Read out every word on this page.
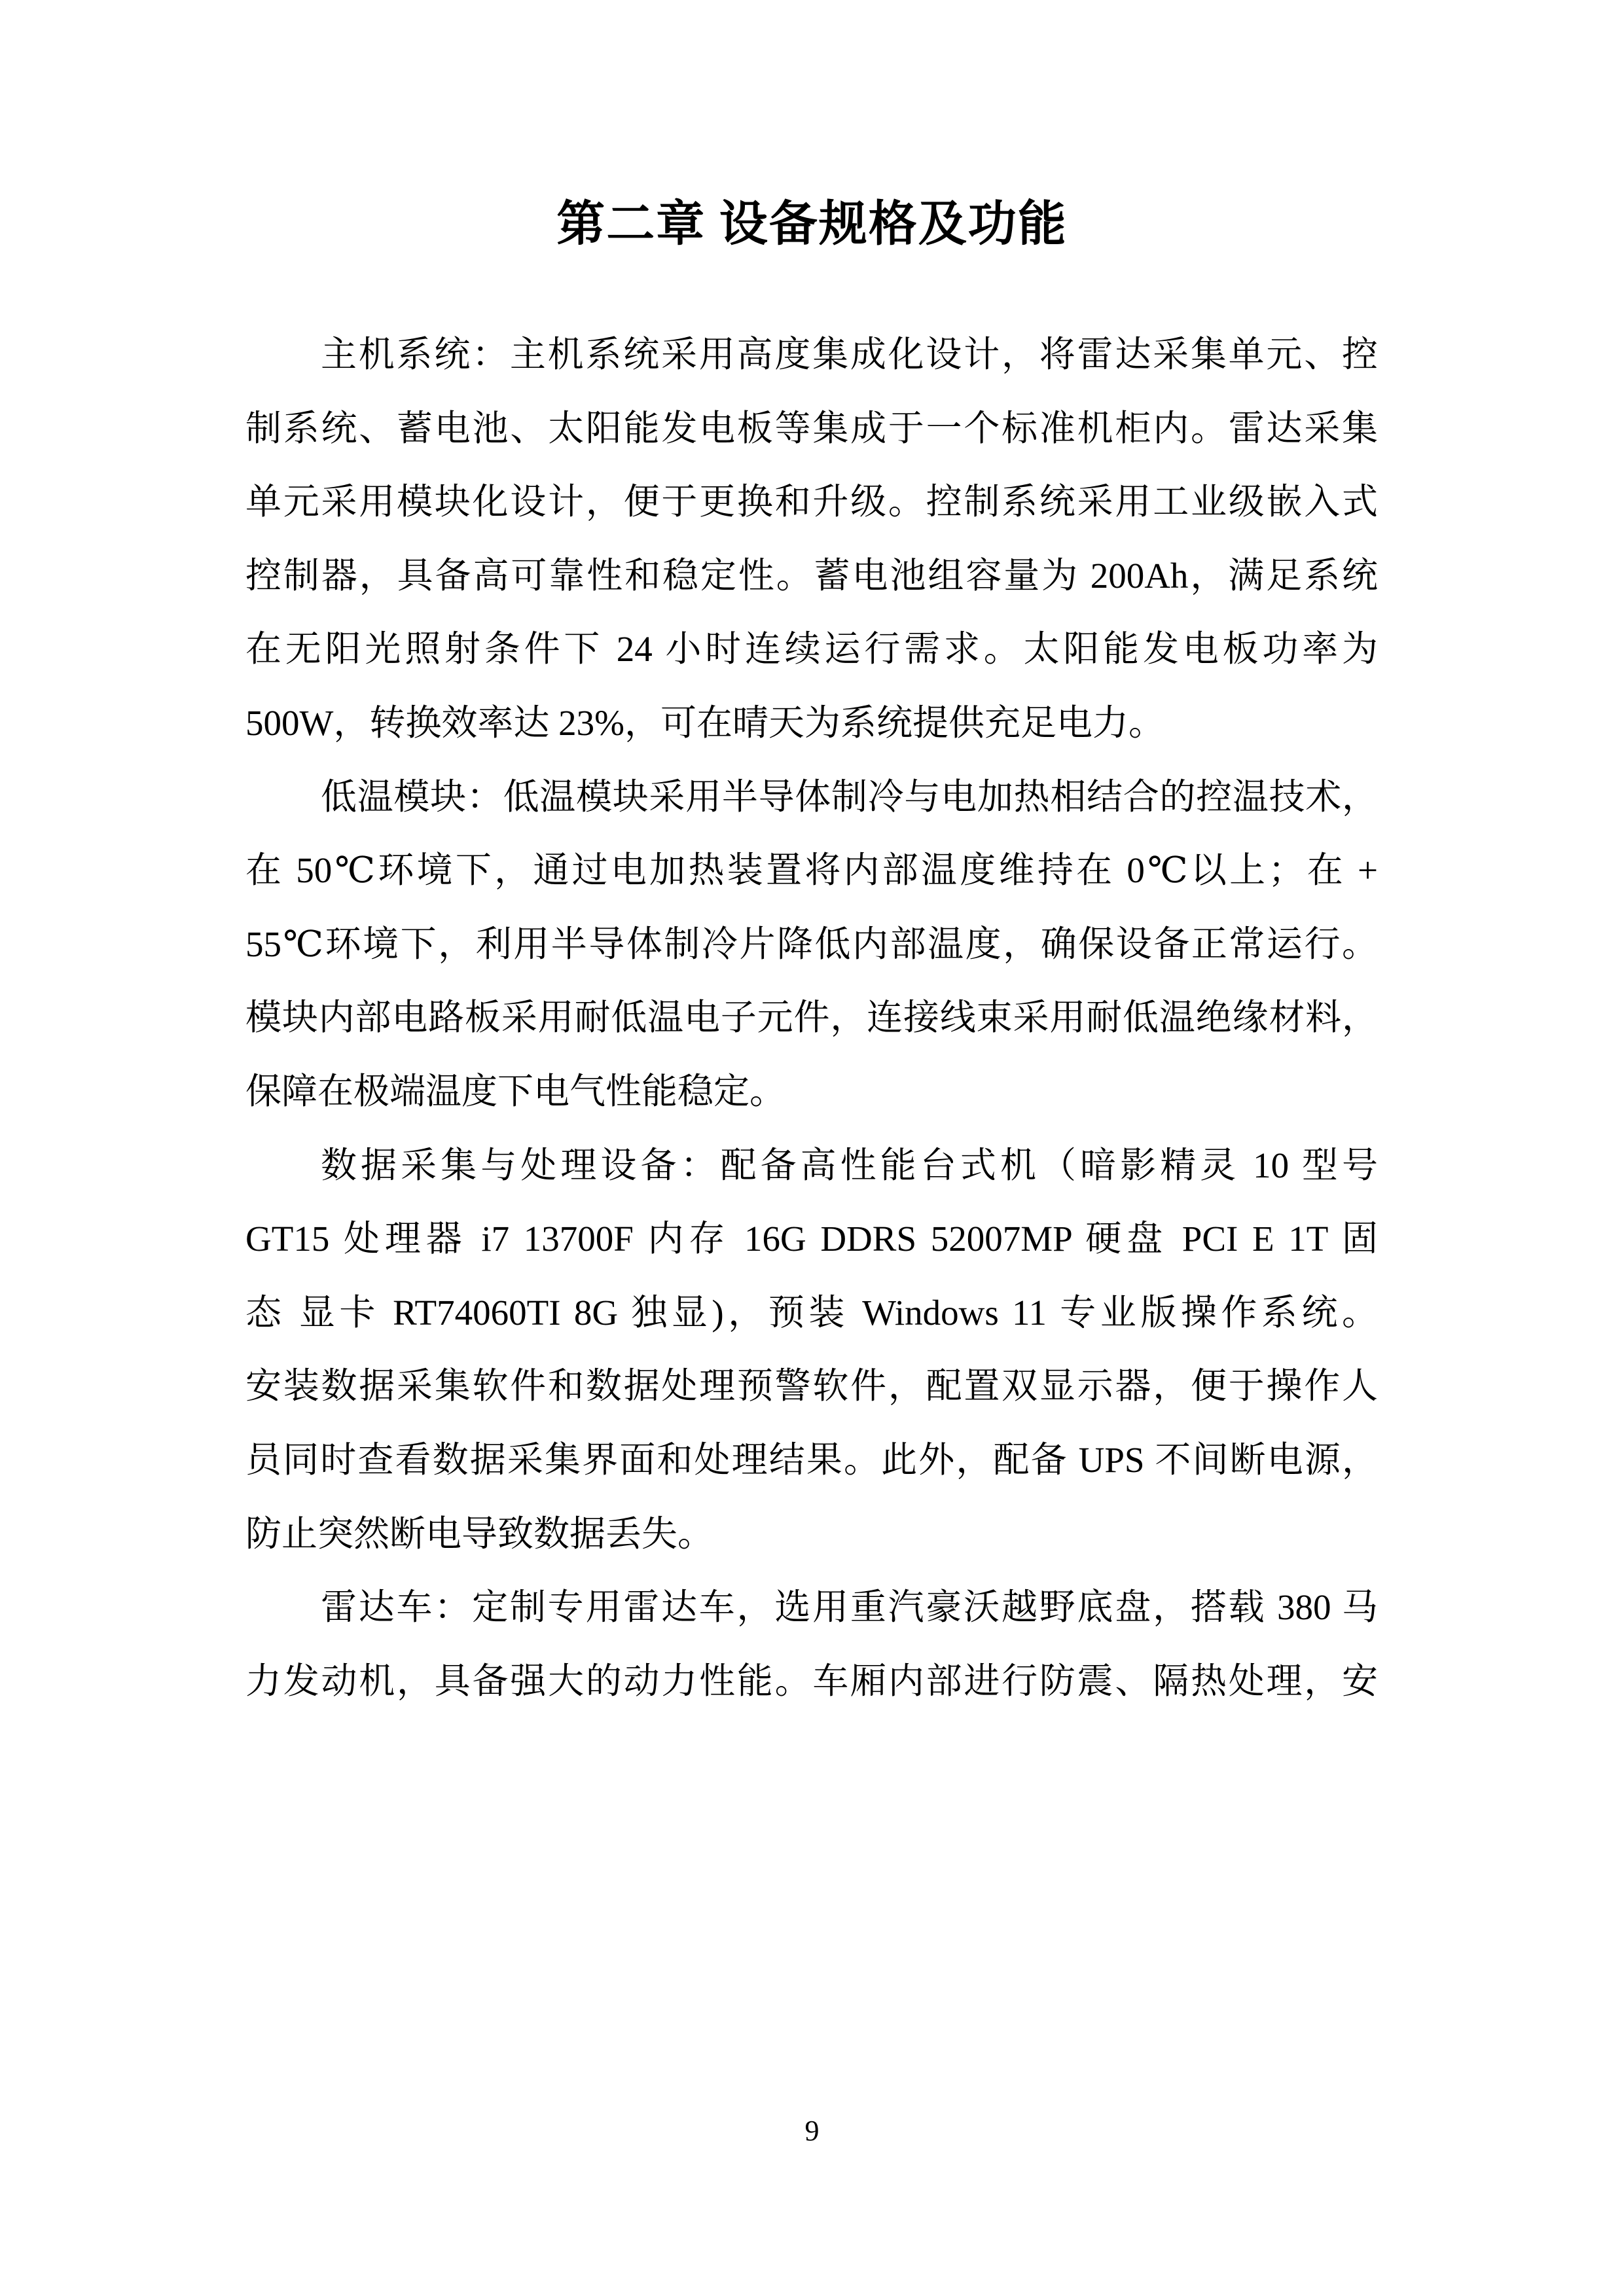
第二章 设备规格及功能
主机系统：主机系统采用高度集成化设计，将雷达采集单元、控
制系统、蓄电池、太阳能发电板等集成于一个标准机柜内。雷达采集
单元采用模块化设计，便于更换和升级。控制系统采用工业级嵌入式
控制器，具备高可靠性和稳定性。蓄电池组容量为 200Ah，满足系统
在无阳光照射条件下 24 小时连续运行需求。太阳能发电板功率为
500W，转换效率达 23%，可在晴天为系统提供充足电力。
低温模块：低温模块采用半导体制冷与电加热相结合的控温技术，
在 50℃环境下，通过电加热装置将内部温度维持在 0℃以上；在 +
55℃环境下，利用半导体制冷片降低内部温度，确保设备正常运行。
模块内部电路板采用耐低温电子元件，连接线束采用耐低温绝缘材料，
保障在极端温度下电气性能稳定。
数据采集与处理设备：配备高性能台式机（暗影精灵 10 型号
GT15 处理器 i7 13700F 内存 16G DDRS 52007MP 硬盘 PCI E 1T 固
态 显卡 RT74060TI 8G 独显)，预装 Windows 11 专业版操作系统。
安装数据采集软件和数据处理预警软件，配置双显示器，便于操作人
员同时查看数据采集界面和处理结果。此外，配备 UPS 不间断电源，
防止突然断电导致数据丢失。
雷达车：定制专用雷达车，选用重汽豪沃越野底盘，搭载 380 马
力发动机，具备强大的动力性能。车厢内部进行防震、隔热处理，安
9
